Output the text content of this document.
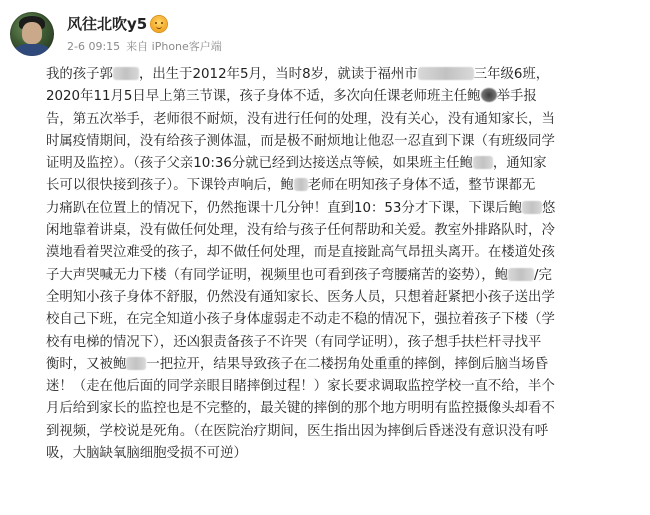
风往北吹y5
2-6 09:15 来自 iPhone客户端
我的孩子郭 ，出生于2012年5月，当时8岁，就读于福州市	三年级6班，
2020年11月5日早上第三节课，孩子身体不适，多次向任课老师班主任鲍 举手报
告，第五次举手，老师很不耐烦，没有进行任何的处理，没有关心，没有通知家长，当
时属疫情期间，没有给孩子测体温，而是极不耐烦地让他忍一忍直到下课（有班级同学
证明及监控）。（孩子父亲10:36分就已经到达接送点等候，如果班主任鲍 ，通知家
长可以很快接到孩子）。下课铃声响后，鲍 老师在明知孩子身体不适，整节课都无
力痛趴在位置上的情况下，仍然拖课十几分钟！直到10：53分才下课，下课后鲍 悠
闲地靠着讲桌，没有做任何处理，没有给与孩子任何帮助和关爱。教室外排路队时，冷
漠地看着哭泣难受的孩子，却不做任何处理，而是直接趾高气昂扭头离开。在楼道处孩
子大声哭喊无力下楼（有同学证明，视频里也可看到孩子弯腰痛苦的姿势），鲍 /完
全明知小孩子身体不舒服，仍然没有通知家长、医务人员，只想着赶紧把小孩子送出学
校自己下班，在完全知道小孩子身体虚弱走不动走不稳的情况下，强拉着孩子下楼（学
校有电梯的情况下），还凶狠责备孩子不许哭（有同学证明），孩子想手扶栏杆寻找平
衡时，又被鲍 一把拉开，结果导致孩子在二楼拐角处重重的摔倒，摔倒后脑当场昏
迷！（走在他后面的同学亲眼目睹摔倒过程！）家长要求调取监控学校一直不给，半个
月后给到家长的监控也是不完整的，最关键的摔倒的那个地方明明有监控摄像头却看不
到视频，学校说是死角。（在医院治疗期间，医生指出因为摔倒后昏迷没有意识没有呼
吸，大脑缺氧脑细胞受损不可逆）
